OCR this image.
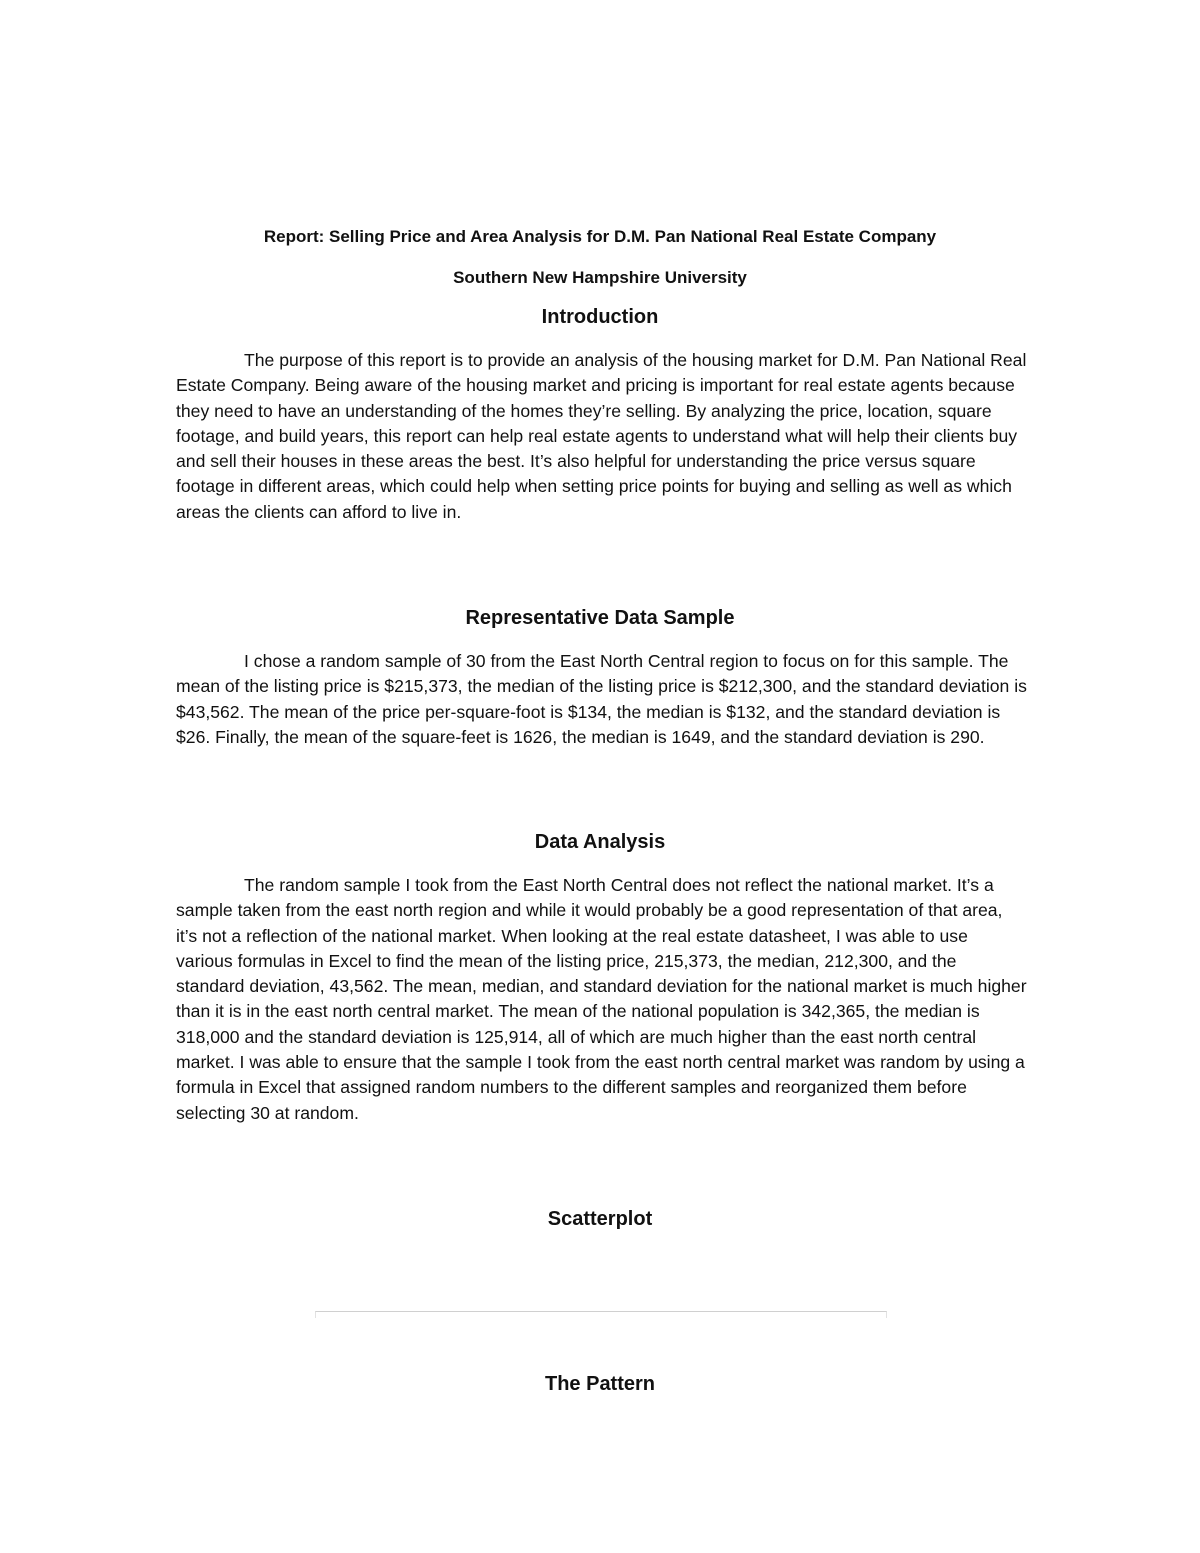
Report: Selling Price and Area Analysis for D.M. Pan National Real Estate Company
Southern New Hampshire University
Introduction

The purpose of this report is to provide an analysis of the housing market for D.M. Pan National Real Estate Company. Being aware of the housing market and pricing is important for real estate agents because they need to have an understanding of the homes they’re selling. By analyzing the price, location, square footage, and build years, this report can help real estate agents to understand what will help their clients buy and sell their houses in these areas the best. It’s also helpful for understanding the price versus square footage in different areas, which could help when setting price points for buying and selling as well as which areas the clients can afford to live in.

Representative Data Sample

I chose a random sample of 30 from the East North Central region to focus on for this sample. The mean of the listing price is $215,373, the median of the listing price is $212,300, and the standard deviation is $43,562. The mean of the price per-square-foot is $134, the median is $132, and the standard deviation is $26. Finally, the mean of the square-feet is 1626, the median is 1649, and the standard deviation is 290.

Data Analysis

The random sample I took from the East North Central does not reflect the national market. It’s a sample taken from the east north region and while it would probably be a good representation of that area, it’s not a reflection of the national market. When looking at the real estate datasheet, I was able to use various formulas in Excel to find the mean of the listing price, 215,373, the median, 212,300, and the standard deviation, 43,562. The mean, median, and standard deviation for the national market is much higher than it is in the east north central market. The mean of the national population is 342,365, the median is 318,000 and the standard deviation is 125,914, all of which are much higher than the east north central market. I was able to ensure that the sample I took from the east north central market was random by using a formula in Excel that assigned random numbers to the different samples and reorganized them before selecting 30 at random.

Scatterplot
The Pattern
